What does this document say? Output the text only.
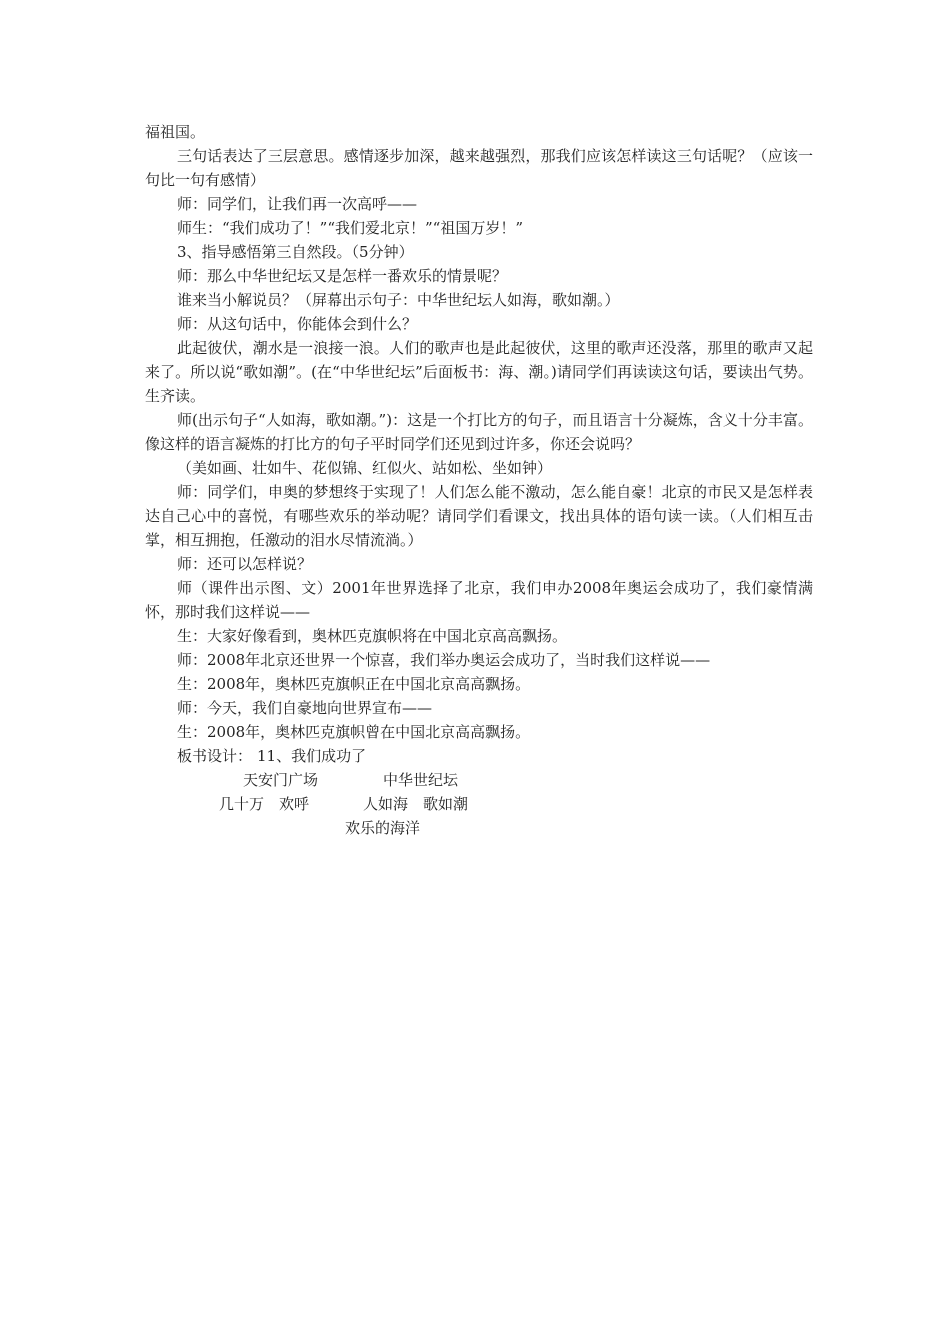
福祖国。

三句话表达了三层意思。感情逐步加深，越来越强烈，那我们应该怎样读这三句话呢？（应该一句比一句有感情）

师：同学们，让我们再一次高呼——

师生：“我们成功了！”“我们爱北京！”“祖国万岁！”

3、指导感悟第三自然段。（5分钟）

师：那么中华世纪坛又是怎样一番欢乐的情景呢？

谁来当小解说员？（屏幕出示句子：中华世纪坛人如海，歌如潮。）

师：从这句话中，你能体会到什么？

此起彼伏，潮水是一浪接一浪。人们的歌声也是此起彼伏，这里的歌声还没落，那里的歌声又起来了。所以说“歌如潮”。(在“中华世纪坛”后面板书：海、潮。)请同学们再读读这句话，要读出气势。生齐读。

师(出示句子“人如海，歌如潮。”)：这是一个打比方的句子，而且语言十分凝炼，含义十分丰富。像这样的语言凝炼的打比方的句子平时同学们还见到过许多，你还会说吗？

（美如画、壮如牛、花似锦、红似火、站如松、坐如钟）

师：同学们，申奥的梦想终于实现了！人们怎么能不激动，怎么能自豪！北京的市民又是怎样表达自己心中的喜悦，有哪些欢乐的举动呢？请同学们看课文，找出具体的语句读一读。（人们相互击掌，相互拥抱，任激动的泪水尽情流淌。）

师：还可以怎样说？

师（课件出示图、文）2001年世界选择了北京，我们申办2008年奥运会成功了，我们豪情满怀，那时我们这样说——

生：大家好像看到，奥林匹克旗帜将在中国北京高高飘扬。

师：2008年北京还世界一个惊喜，我们举办奥运会成功了，当时我们这样说——

生：2008年，奥林匹克旗帜正在中国北京高高飘扬。

师：今天，我们自豪地向世界宣布——

生：2008年，奥林匹克旗帜曾在中国北京高高飘扬。

板书设计： 11、我们成功了
天安门广场	中华世纪坛
几十万　欢呼	人如海　歌如潮
欢乐的海洋
